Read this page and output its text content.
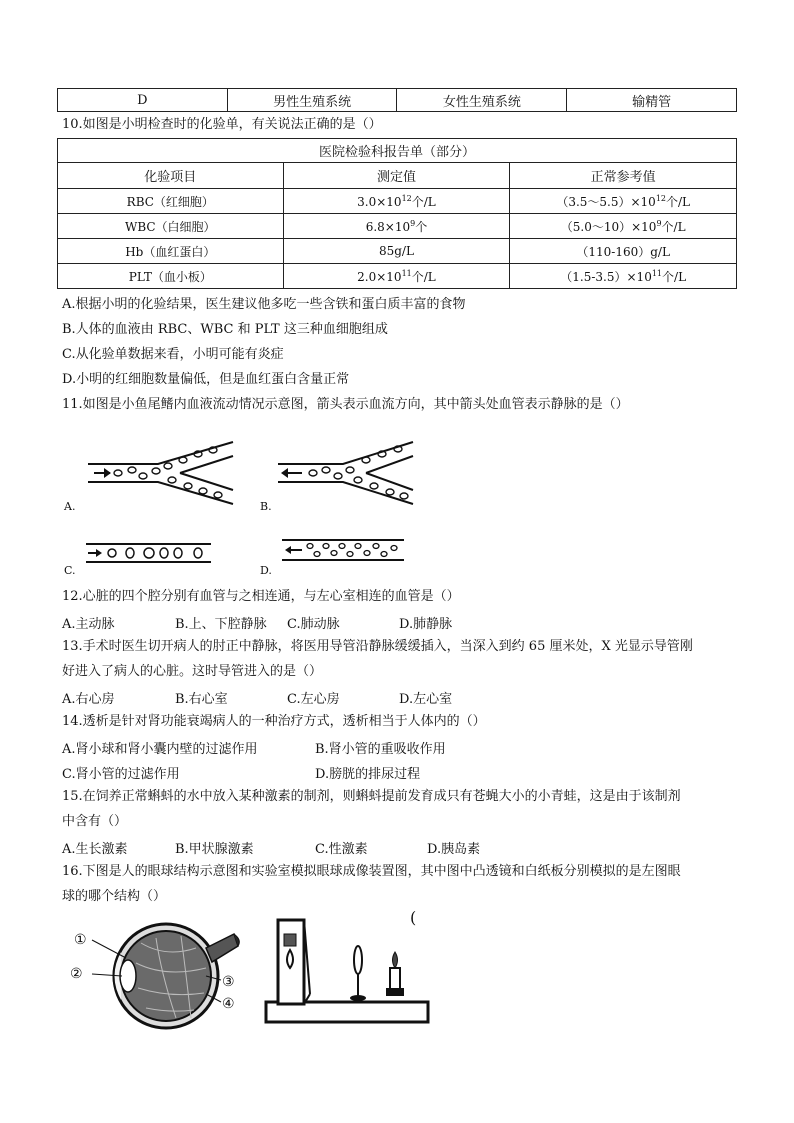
D	男性生殖系统	女性生殖系统	输精管
10.如图是小明检查时的化验单，有关说法正确的是（）
医院检验科报告单（部分）		
化验项目	测定值	正常参考值
RBC（红细胞）	$3.0\times 10^{12}$个/L	$(3.5\sim 5.5)\times 10^{12}$个/L
WBC（白细胞）	$6.8\times 10^9$个	$(5.0\sim 10)\times 10^9$个/L
Hb（血红蛋白）	85g/L	（110-160）g/L
PLT（血小板）	$2.0\times 10^{11}$个/L	$(1.5-3.5)\times 10^{11}$个/L
A.根据小明的化验结果，医生建议他多吃一些含铁和蛋白质丰富的食物
B.人体的血液由 RBC、WBC 和 PLT 这三种血细胞组成
C.从化验单数据来看，小明可能有炎症
D.小明的红细胞数量偏低，但是血红蛋白含量正常
11.如图是小鱼尾鳍内血液流动情况示意图，箭头表示血流方向，其中箭头处血管表示静脉的是（）
A.	B.
C.	D.
12.心脏的四个腔分别有血管与之相连通，与左心室相连的血管是（）
A.主动脉	B.上、下腔静脉 C.肺动脉	D.肺静脉
13.手术时医生切开病人的肘正中静脉，将医用导管沿静脉缓缓插入，当深入到约 65 厘米处，X 光显示导管刚
好进入了病人的心脏。这时导管进入的是（）
A.右心房	B.右心室	C.左心房	D.左心室
14.透析是针对肾功能衰竭病人的一种治疗方式，透析相当于人体内的（）
A.肾小球和肾小囊内壁的过滤作用	B.肾小管的重吸收作用
C.肾小管的过滤作用	D.膀胱的排尿过程
15.在饲养正常蝌蚪的水中放入某种激素的制剂，则蝌蚪提前发育成只有苍蝇大小的小青蛙，这是由于该制剂
中含有（）
A.生长激素	B.甲状腺激素	C.性激素	D.胰岛素
16.下图是人的眼球结构示意图和实验室模拟眼球成像装置图，其中图中凸透镜和白纸板分别模拟的是左图眼
球的哪个结构（）
①
②	③
④
(
